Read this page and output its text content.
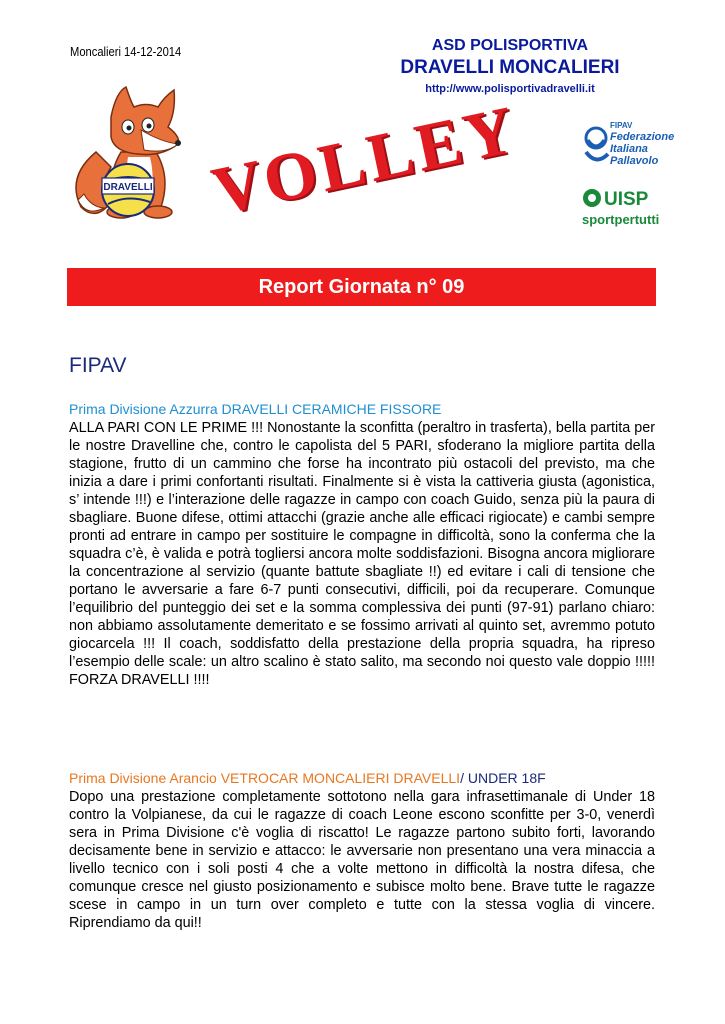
Moncalieri 14-12-2014	ASD POLISPORTIVA
DRAVELLI MONCALIERI
http://www.polisportivadravelli.it
DRAVELLI VOLLEY	FIPAV
Federazione
Italiana
Pallavolo
UISP
sportpertutti
Report Giornata n° 09
FIPAV
Prima Divisione Azzurra DRAVELLI CERAMICHE FISSORE
ALLA PARI CON LE PRIME !!! Nonostante la sconfitta (peraltro in trasferta), bella partita per le nostre Dravelline che, contro le capolista del 5 PARI, sfoderano la migliore partita della stagione, frutto di un cammino che forse ha incontrato più ostacoli del previsto, ma che inizia a dare i primi confortanti risultati. Finalmente si è vista la cattiveria giusta (agonistica, s’ intende !!!) e l’interazione delle ragazze in campo con coach Guido, senza più la paura di sbagliare. Buone difese, ottimi attacchi (grazie anche alle efficaci rigiocate) e cambi sempre pronti ad entrare in campo per sostituire le compagne in difficoltà, sono la conferma che la squadra c’è, è valida e potrà togliersi ancora molte soddisfazioni. Bisogna ancora migliorare la concentrazione al servizio (quante battute sbagliate !!) ed evitare i cali di tensione che portano le avversarie a fare 6-7 punti consecutivi, difficili, poi da recuperare. Comunque l’equilibrio del punteggio dei set e la somma complessiva dei punti (97-91) parlano chiaro: non abbiamo assolutamente demeritato e se fossimo arrivati al quinto set, avremmo potuto giocarcela !!! Il coach, soddisfatto della prestazione della propria squadra, ha ripreso l’esempio delle scale: un altro scalino è stato salito, ma secondo noi questo vale doppio !!!!! FORZA DRAVELLI !!!!
Prima Divisione Arancio VETROCAR MONCALIERI DRAVELLI/ UNDER 18F
Dopo una prestazione completamente sottotono nella gara infrasettimanale di Under 18 contro la Volpianese, da cui le ragazze di coach Leone escono sconfitte per 3-0, venerdì sera in Prima Divisione c'è voglia di riscatto! Le ragazze partono subito forti, lavorando decisamente bene in servizio e attacco: le avversarie non presentano una vera minaccia a livello tecnico con i soli posti 4 che a volte mettono in difficoltà la nostra difesa, che comunque cresce nel giusto posizionamento e subisce molto bene. Brave tutte le ragazze scese in campo in un turn over completo e tutte con la stessa voglia di vincere. Riprendiamo da qui!!
